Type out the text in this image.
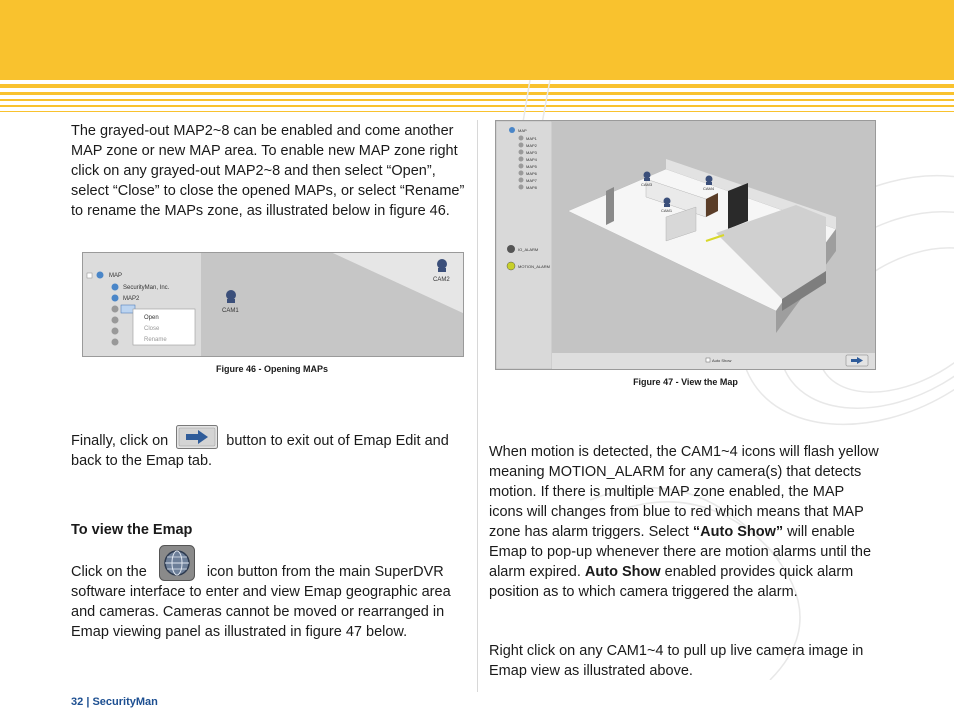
The grayed-out MAP2~8 can be enabled and come another MAP zone or new MAP area. To enable new MAP zone right click on any grayed-out MAP2~8 and then select “Open”, select “Close” to close the opened MAPs, or select “Rename” to rename the MAPs zone, as illustrated below in figure 46.

MAP
SecurityMan, Inc.
MAP2
Open
Close
Rename
CAM1
CAM2
Figure 46 - Opening MAPs

Finally, click on	button to exit out of Emap Edit and back to the Emap tab.

To view the Emap

Click on the	icon button from the main SuperDVR software interface to enter and view Emap geographic area and cameras. Cameras cannot be moved or rearranged in Emap viewing panel as illustrated in figure 47 below.

MAP
MAP1
MAP2
MAP3
MAP4
MAP5
MAP6
MAP7
MAP8
IO_ALARM
MOTION_ALARM
CAM3
CAM4
CAM1
Auto Show
Figure 47 - View the Map

When motion is detected, the CAM1~4 icons will flash yellow meaning MOTION_ALARM for any camera(s) that detects motion. If there is multiple MAP zone enabled, the MAP icons will changes from blue to red which means that MAP zone has alarm triggers. Select “Auto Show” will enable Emap to pop-up whenever there are motion alarms until the alarm expired. Auto Show enabled provides quick alarm position as to which camera triggered the alarm.

Right click on any CAM1~4 to pull up live camera image in Emap view as illustrated above.

32 | SecurityMan
